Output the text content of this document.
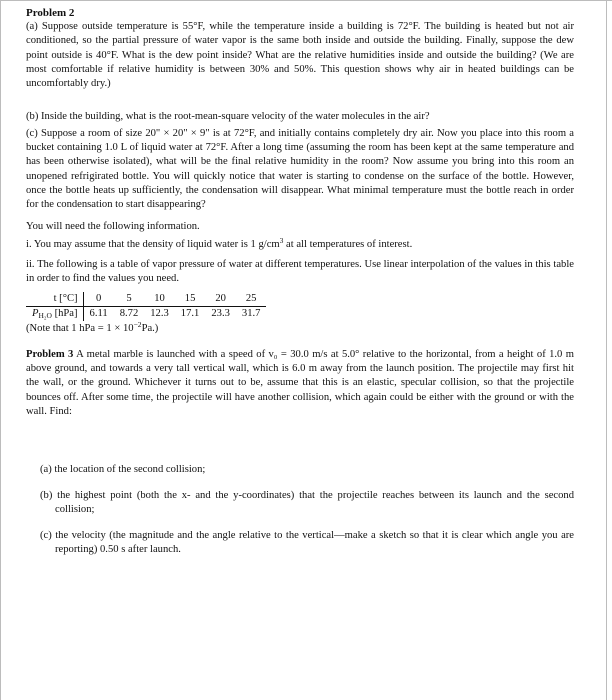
Problem 2
(a) Suppose outside temperature is 55°F, while the temperature inside a building is 72°F. The building is heated but not air conditioned, so the partial pressure of water vapor is the same both inside and outside the building. Finally, suppose the dew point outside is 40°F. What is the dew point inside? What are the relative humidities inside and outside the building? (We are most comfortable if relative humidity is between 30% and 50%. This question shows why air in heated buildings can be uncomfortably dry.)
(b) Inside the building, what is the root-mean-square velocity of the water molecules in the air?
(c) Suppose a room of size 20" × 20" × 9" is at 72°F, and initially contains completely dry air. Now you place into this room a bucket containing 1.0 L of liquid water at 72°F. After a long time (assuming the room has been kept at the same temperature and has been otherwise isolated), what will be the final relative humidity in the room? Now assume you bring into this room an unopened refrigirated bottle. You will quickly notice that water is starting to condense on the surface of the bottle. However, once the bottle heats up sufficiently, the condensation will disappear. What minimal temperature must the bottle reach in order for the condensation to start disappearing?
You will need the following information.
i. You may assume that the density of liquid water is 1 $g/cm^3$ at all temperatures of interest.
ii. The following is a table of vapor pressure of water at different temperatures. Use linear interpolation of the values in this table in order to find the values you need.
t [°C]	0	5	10	15	20	25
PH₂O [hPa]	6.11	8.72	12.3	17.1	23.3	31.7
(Note that 1 hPa = $1 \times 10^{-2}Pa$.)
Problem 3 A metal marble is launched with a speed of v₀ = 30.0 m/s at 5.0° relative to the horizontal, from a height of 1.0 m above ground, and towards a very tall vertical wall, which is 6.0 m away from the launch position. The projectile may first hit the wall, or the ground. Whichever it turns out to be, assume that this is an elastic, specular collision, so that the projectile bounces off. After some time, the projectile will have another collision, which again could be either with the ground or with the wall. Find:
(a) the location of the second collision;
(b) the highest point (both the x- and the y-coordinates) that the projectile reaches between its launch and the second collision;
(c) the velocity (the magnitude and the angle relative to the vertical—make a sketch so that it is clear which angle you are reporting) 0.50 s after launch.
